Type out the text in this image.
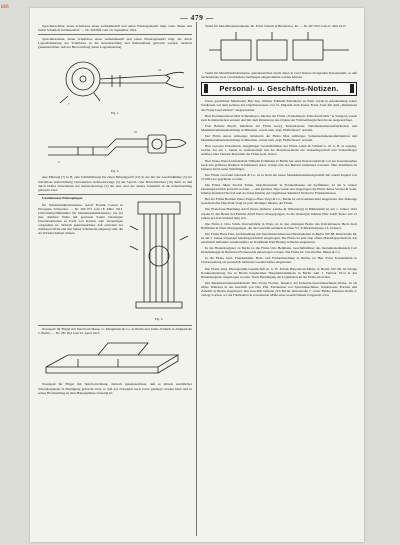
b66
— 479 —
Sprechmaschine, deren Schalldose einen Aufnahmestift und einen Wiedergabestift trägt. Gebr. Bauer und Julius Schuldoff in Düsseldorf. — Nr. 266 894 vom 19. September 1912.
Sprechmaschine, deren Schalldose einen Aufnahmestift und einen Wiedergabestift trägt, die durch Lagerabänderung der Schalldose in die Arbeitsstellung und Ruhestellung gebracht werden, dadurch gekennzeichnet, daß zur Hervorrufung dieser Lagenänderung
7
16
Fig. 1.
10
5
Fig. 2.
eine Führung (7) in B. eine Schlitzführung für einen Führungsstift (10) in der mit der Anschlußhülse (3) der Schalldose kraftschlüssig verbundenen Aufsteckzwinge (5) des Sprech- oder Hörschlauches (16) dient, so daß durch bloßes Verschieben der Aufsteckzwinge (5) der eine oder der andere Schallstift in die Arbeitsstellung gebracht wird.
Unsitzmuster-Eintragungen
für Saitenmusikinstrumente. Adolf Fredrik Larsen in Pirvagaus, Schweden. — Nr. 266 971 vom 18. März 1913. Uniformabgriffklammer für Saitenmusikinstrumente, bei der eine drehbare Welle mit gewissen Saiten befestigten Unterlassarbeiten in Form von Karbon oder Vorspringen vorgesehen ist, dadurch gekennzeichnet, daß zwischen der drehbaren Welle und den Saiten Schutzteile eingelegt sind, die als Wickelscheiben wirken.
Fig. 3.
Notenpult für Flügel mit Spielvorrichtung. G. Klingmann & Co. in Berlin und Julius Schleim in Altglienicke b. Berlin. — Nr. 267 054 vom 22. April 1913.
Notenpult für Flügel mit Spielvorrichtung, dadurch gekennzeichnet, daß es mittels zusätzlicher Scharnierglieder in Betätigung gebracht wird, so daß das Notenpult nach vorne geklappt werden kann und in seiner Hochstellung an dem Hauptgehäuse befestigt ist.
Ventil für Metallblasinstrumente. Dr. Erich Schirm in Bielefeld a. M. — Nr. 267 052 vom 21. Mai 1913.
Ventil für Metallblasinstrumente, gekennzeichnet durch einen in zwei Stufen erfolgenden Tasteneinfall, so daß nacheinander zwei verschiedene Stellungen eingenommen werden können.
Personal- u. Geschäfts-Notizen.
Unser geschätzter Mitarbeiter Herr Ing. Walther Edmund Ehrenhofer in Wien wurde in Anerkennung seiner Verdienste auf dem Gebiete des Orgelbauwesens von Sr. Majestät dem Kaiser Franz Josef mit dem „Ritterkreuz des Franz Josef-Ordens“ ausgezeichnet.
Herr Kommerzienrat Max Schiedmayer, Inhaber der Firma „Schiedmayer, Pianofortefabrik“ in Stuttgart, wurde zum Kommerzienrat ernannt und mit dem Ritterkreuz des Ordens der Württembergischen Krone ausgezeichnet.
Frau Babette Bauch, Inhaberin der Firma Georg Tiefenbrunner, Saiteninstrumentenfabrikation und Musikinstrumentenhandlung in München, wurde zum „Kgl. Hoflieferant“ ernannt.
Der Firma Anton Amberger, Inhaberin der Firma Max Amberger, Saiteninstrumentenfabrikation und Musikinstrumentenhandlung in München, wurde zum „Kgl. Hoflieferant“ ernannt.
Herr Georges Pickenbeck, langjähriger Geschäftsführer der Firma Adam & Schmid G. m. b. H. in Leipzig-Gohlis, hat am 1. Januar in Gemeinschaft mit der Pianofortefabrik ein Verkaufsgeschäft und Verkaufslager eröffnet. Den Vertrieb übernahm die Firma Gebr. Peters.
Herr Piano-Pianofortefabrikant Wilhelm Pohlmann in Berlin hat seine Pianofortefabrik von der Kastanienallee nach den größeren Räumen Schönhauser Allee verlegt und den Betrieb bedeutend erweitert. Herr Pohlmann ist bekannt durch seine Stutzflügel.
Der Firma Giovanni Gherardi & Co. ist in Rom ein neues Musikinstrumentengeschäft mit einem Kapital von 27 000 Lire gegründet worden.
Die Firma Julius Strobel Söhne, Orgelbauanstalt in Frankenhausen am Kyffhäuser, ist am 9. Januar handelsgerichtlich gelöscht worden. — Am gleichen Tage wurde neu eingetragen die Firma Julius Strobel & Sohn, Inhaber Reinhold Strobel und als deren Inhaber der Orgelbauer Reinhold Strobel in Frankenhausen.
Bei der Firma Berliner Piano-Engros-Haus Voigt & Co., Berlin ist ein Kommanditist eingetreten. Der bisherige Gesellschafter Herr Paul Voigt ist jetzt alleiniger Inhaber der Firma.
Die Pianoforte-Handlung Adolf Peters (Inhaber Lehrke & Wittenberg) in Hildesheim ist am 1. Januar 1914 wieder in den Besitz der Familie Adolf Peters übergegangen, da die bisherigen Inhaber Herr Adolf Peters seit 15 Jahren bei dem Verkauf tätig war.
Die Firma J. Otto Schm, Klavierfabrik in Wien, ist in den alleinigen Besitz des Klavierbauers Herrn Karl Hoffmann in Wien übergegangen, der das Geschäft sammelt in Wien VI, Schmalzhofgasse 13, fortsetzt.
Der Firma Hans Fein, Großhandlung mit Sprechmaschinen und Bestandteilen in Berlin SW 68, Ritterstraße 66, ist am 5. Januar folgenden handelsgerichtlich eingetragen: Die Firma ist jetzt eine offene Handelsgesellschaft. Als persönlich haftender Gesellschafter ist Kaufmann Paul Hennig in Berlin eingetreten.
In das Handelsregister zu Berlin ist die Firma Otto Hellmann, Geschäftsführer des Instrumentenhandels Carl Domdehnegne in Berlin bei Freienwalde einzetragen worden. Die Firma ist: Von Pfeiffer, Hinze & Co.
In die Firma Gebr. Freudenheim, Holz- und Furnierhandlung in Berlin, ist Herr Ernst Freudenheim in Charlottenburg als persönlich haftender Gesellschafter eingetreten.
Die Firma Alter Phonogramm-Gesellschaft m. b. H. Fabrik Hippodrom-Marke in Berlin SW 68, ist infolge Konkursänderung des in Berlin bestehenden Hauptunternehmens in Berlin zum 1. Februar 1914 in das Handelsregister eingetragen worden. Nach Beendigung der Liquidation ist die Firma erloschen.
Der Musikinstrumentenfabrikant Herr Franz Fischer, Direktor der Industrie-Sprechmaschinen-Werke, ist als stiller Teilhaber in das Geschäft von Otto Pfel, Fabrikation von Sprechmaschinen, Schalldosen, Trichter und Zubehör in Berlin eingetreten. Das Geschäft befindet sich Berlin, Ritterstraße 7, sowie Berlin, Planeten-Straße 5, verlegt worden, wo die Fabrikation in erweitertem Maße unter neuem Namen fortgesetzt wird.
